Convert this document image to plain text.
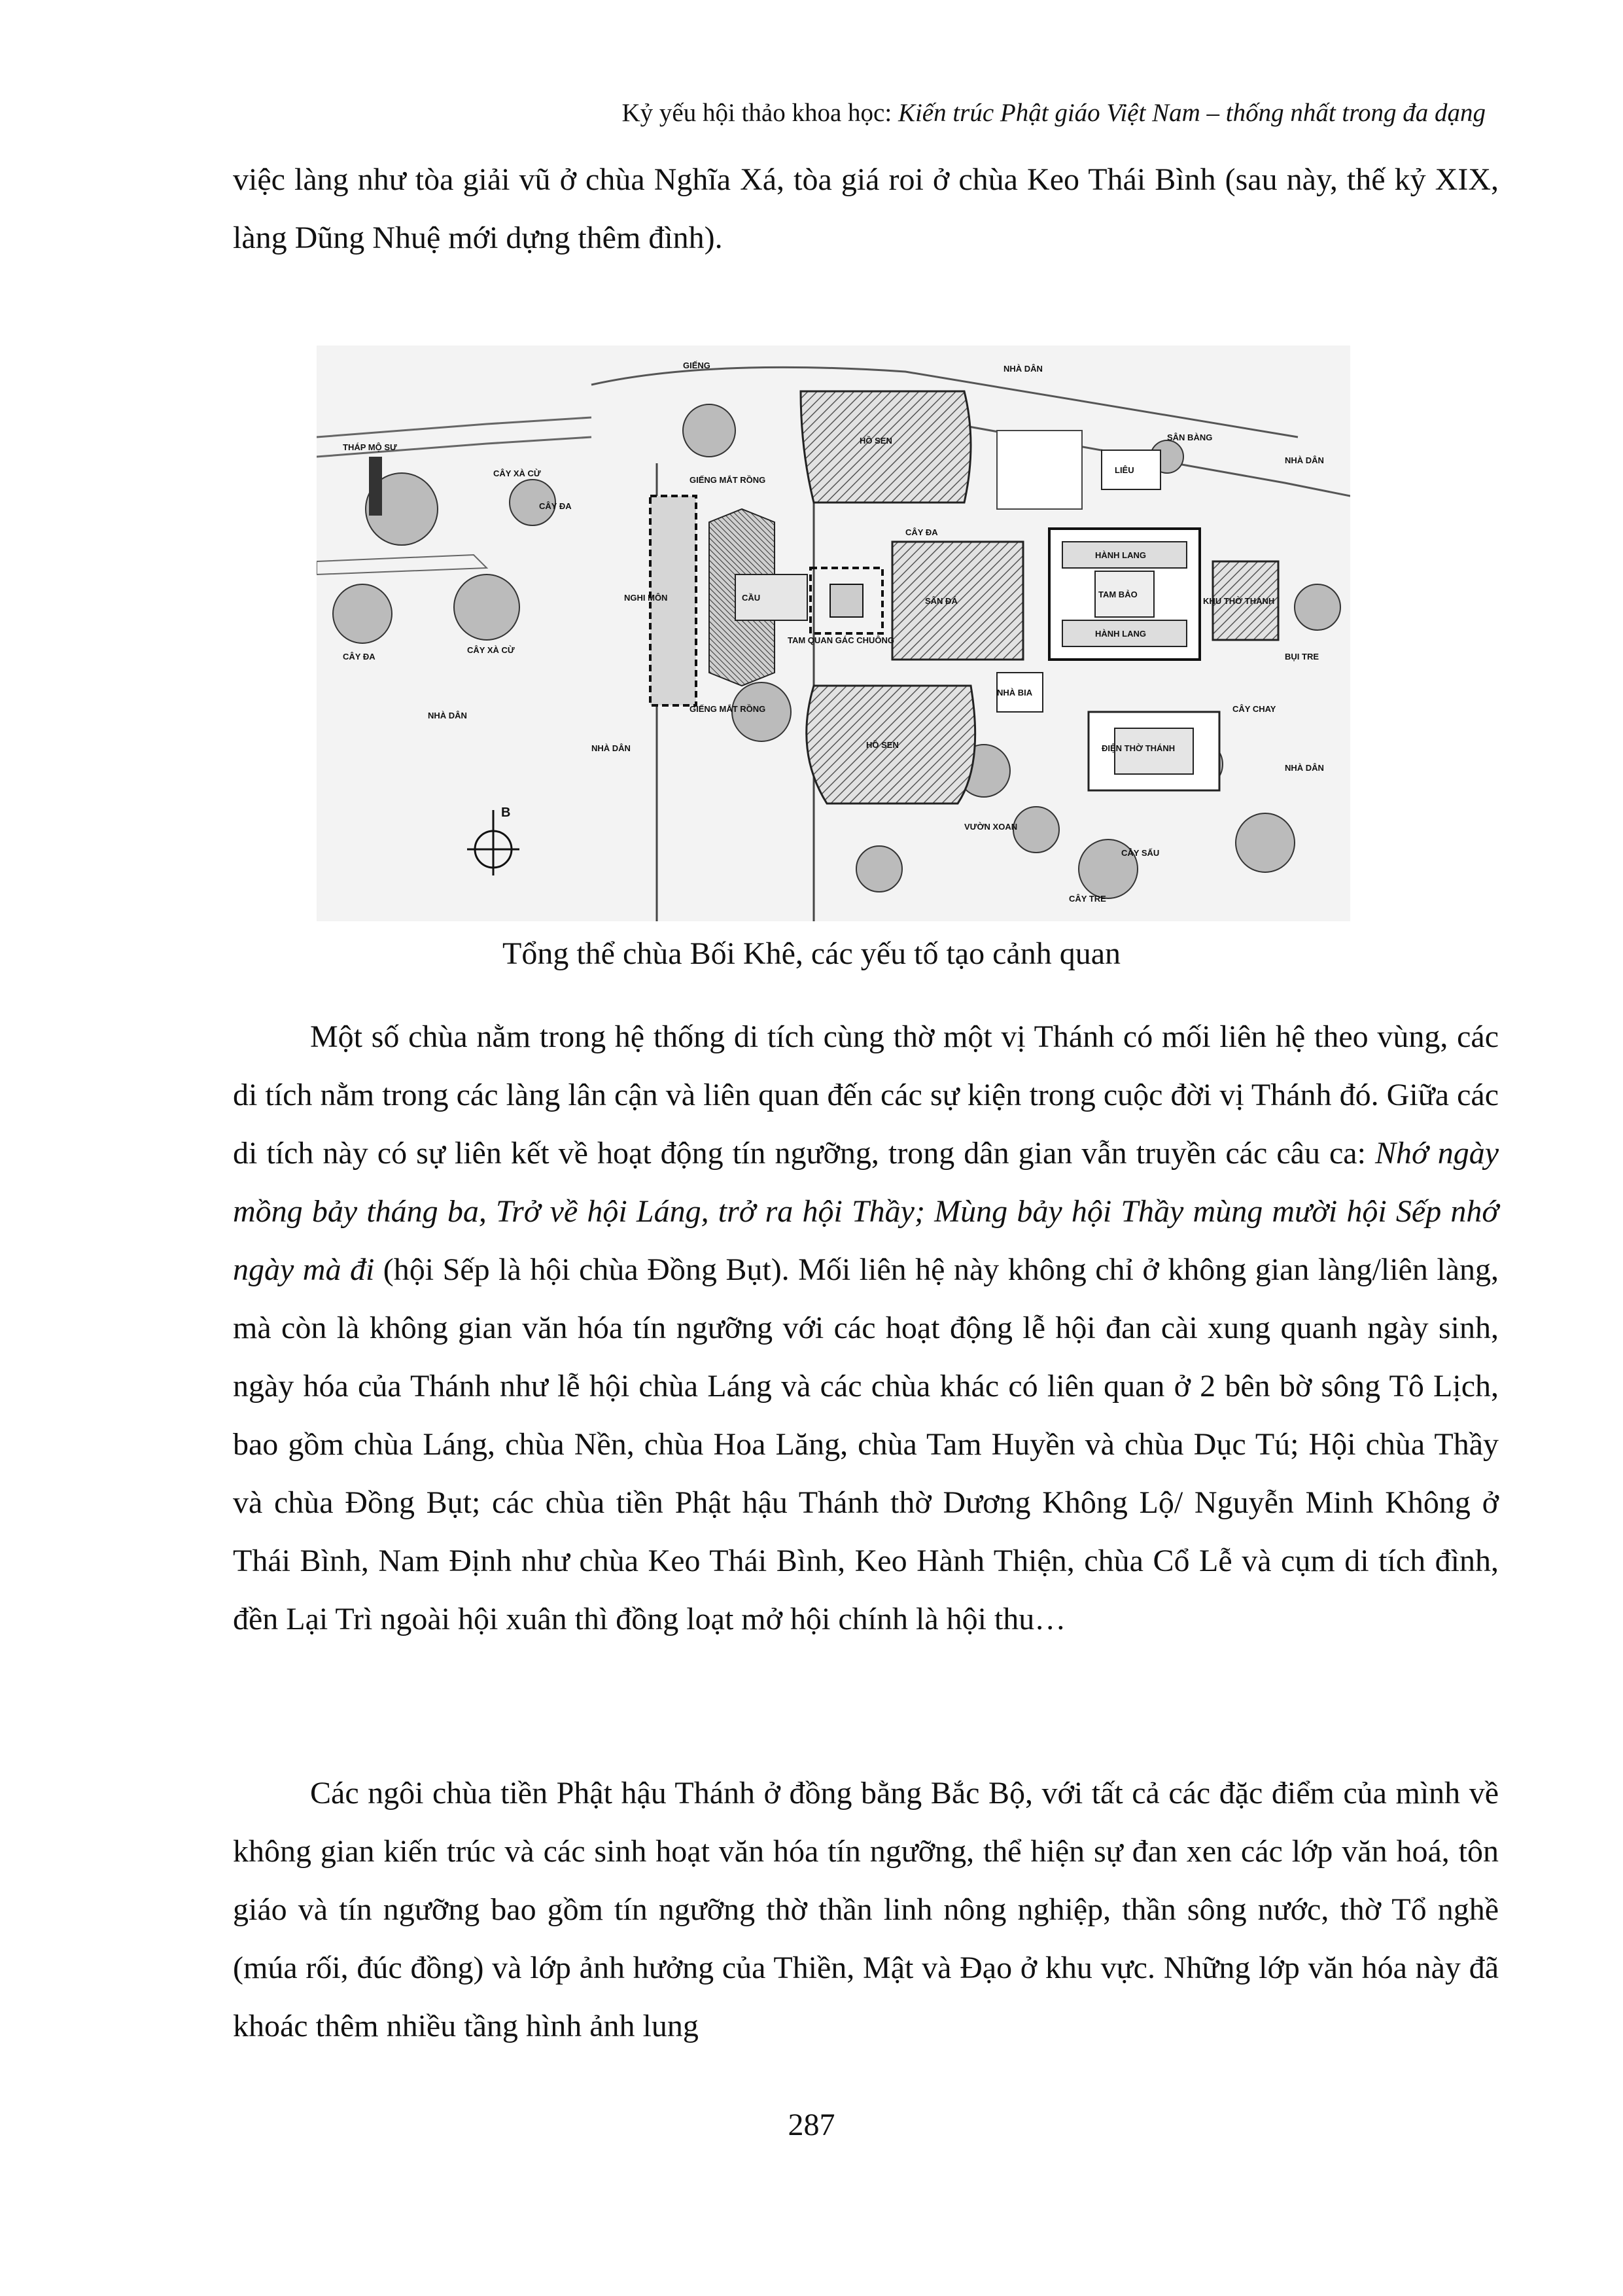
Kỷ yếu hội thảo khoa học: Kiến trúc Phật giáo Việt Nam – thống nhất trong đa dạng

việc làng như tòa giải vũ ở chùa Nghĩa Xá, tòa giá roi ở chùa Keo Thái Bình (sau này, thế kỷ XIX, làng Dũng Nhuệ mới dựng thêm đình).

B
GIẾNG	NHÀ DÂN
THÁP MỘ SƯ
HỒ SEN
GIẾNG MẮT RỒNG
CÂY XÀ CỪ
CÂY ĐA
NGHI MÔN	CẦU
TAM QUAN GÁC CHUÔNG
CÂY ĐA
SÂN ĐÁ
HÀNH LANG
TAM BẢO
HÀNH LANG
KHU THỜ THÁNH
LIÊU
SÂN BÀNG
NHÀ DÂN
CÂY ĐA
CÂY XÀ CỪ
GIẾNG MẮT RỒNG
NHÀ DÂN
NHÀ DÂN	HỒ SEN
NHÀ BIA
ĐIỆN THỜ THÁNH
VƯỜN XOAN
CÂY TRE
CÂY SẤU
CÂY CHAY
BỤI TRE
NHÀ DÂN
Tổng thể chùa Bối Khê, các yếu tố tạo cảnh quan

Một số chùa nằm trong hệ thống di tích cùng thờ một vị Thánh có mối liên hệ theo vùng, các di tích nằm trong các làng lân cận và liên quan đến các sự kiện trong cuộc đời vị Thánh đó. Giữa các di tích này có sự liên kết về hoạt động tín ngưỡng, trong dân gian vẫn truyền các câu ca: Nhớ ngày mồng bảy tháng ba, Trở về hội Láng, trở ra hội Thầy; Mùng bảy hội Thầy mùng mười hội Sếp nhớ ngày mà đi (hội Sếp là hội chùa Đồng Bụt). Mối liên hệ này không chỉ ở không gian làng/liên làng, mà còn là không gian văn hóa tín ngưỡng với các hoạt động lễ hội đan cài xung quanh ngày sinh, ngày hóa của Thánh như lễ hội chùa Láng và các chùa khác có liên quan ở 2 bên bờ sông Tô Lịch, bao gồm chùa Láng, chùa Nền, chùa Hoa Lăng, chùa Tam Huyền và chùa Dục Tú; Hội chùa Thầy và chùa Đồng Bụt; các chùa tiền Phật hậu Thánh thờ Dương Không Lộ/ Nguyễn Minh Không ở Thái Bình, Nam Định như chùa Keo Thái Bình, Keo Hành Thiện, chùa Cổ Lễ và cụm di tích đình, đền Lại Trì ngoài hội xuân thì đồng loạt mở hội chính là hội thu…

Các ngôi chùa tiền Phật hậu Thánh ở đồng bằng Bắc Bộ, với tất cả các đặc điểm của mình về không gian kiến trúc và các sinh hoạt văn hóa tín ngưỡng, thể hiện sự đan xen các lớp văn hoá, tôn giáo và tín ngưỡng bao gồm tín ngưỡng thờ thần linh nông nghiệp, thần sông nước, thờ Tổ nghề (múa rối, đúc đồng) và lớp ảnh hưởng của Thiền, Mật và Đạo ở khu vực. Những lớp văn hóa này đã khoác thêm nhiều tầng hình ảnh lung

287
